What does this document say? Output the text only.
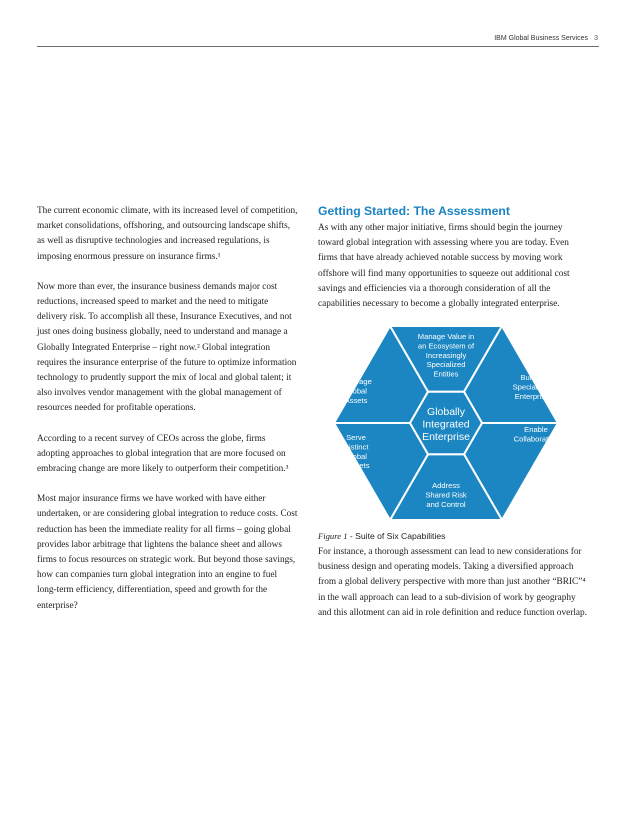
IBM Global Business Services 3

The current economic climate, with its increased level of competition, market consolidations, offshoring, and outsourcing landscape shifts, as well as disruptive technologies and increased regulations, is imposing enormous pressure on insurance firms.¹

Now more than ever, the insurance business demands major cost reductions, increased speed to market and the need to mitigate delivery risk. To accomplish all these, Insurance Executives, and not just ones doing business globally, need to understand and manage a Globally Integrated Enterprise – right now.² Global integration requires the insurance enterprise of the future to optimize information technology to prudently support the mix of local and global talent; it also involves vendor management with the global management of resources needed for profitable operations.

According to a recent survey of CEOs across the globe, firms adopting approaches to global integration that are more focused on embracing change are more likely to outperform their competition.³

Most major insurance firms we have worked with have either undertaken, or are considering global integration to reduce costs. Cost reduction has been the immediate reality for all firms – going global provides labor arbitrage that lightens the balance sheet and allows firms to focus resources on strategic work. But beyond those savings, how can companies turn global integration into an engine to fuel long-term efficiency, differentiation, speed and growth for the enterprise?

Getting Started: The Assessment

As with any other major initiative, firms should begin the journey toward global integration with assessing where you are today. Even firms that have already achieved notable success by moving work offshore will find many opportunities to squeeze out additional cost savings and efficiencies via a thorough consideration of all the capabilities necessary to become a globally integrated enterprise.

Globally Integrated Enterprise
Manage Value in an Ecosystem of Increasingly Specialized Entities	Build a Specialized Enterprise
Enable Collaboration
Address Shared Risk and Control
Serve Distinct Global Markets
Leverage Global Assets
Figure 1 - Suite of Six Capabilities

For instance, a thorough assessment can lead to new considerations for business design and operating models. Taking a diversified approach from a global delivery perspective with more than just another “BRIC”⁴ in the wall approach can lead to a sub-division of work by geography and this allotment can aid in role definition and reduce function overlap.
